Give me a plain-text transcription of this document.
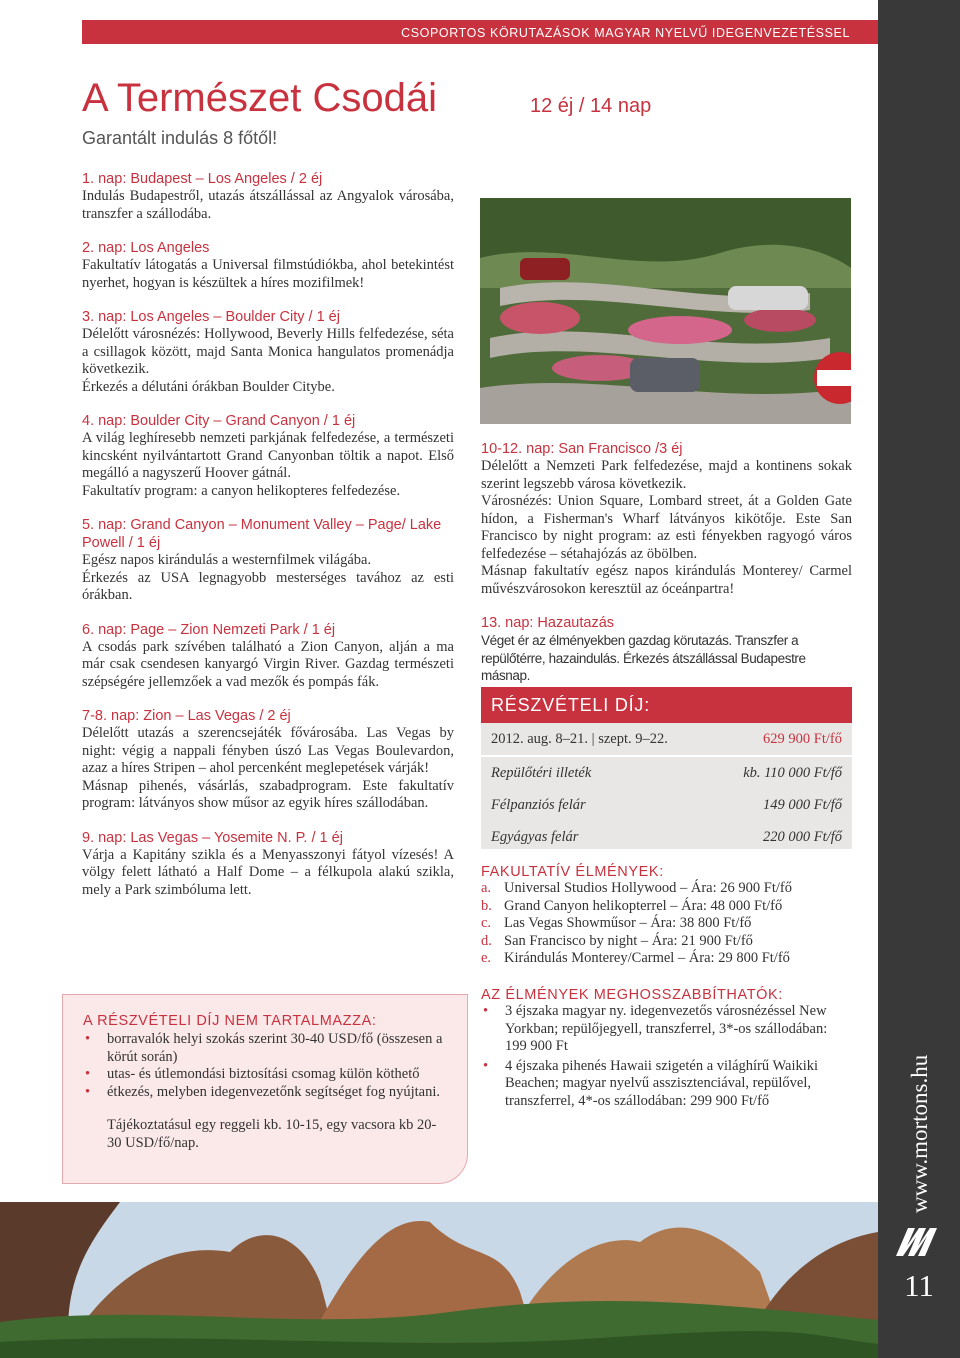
CSOPORTOS KÖRUTAZÁSOK MAGYAR NYELVŰ IDEGENVEZETÉSSEL
www.mortons.hu
11
A Természet Csodái	12 éj / 14 nap
Garantált indulás 8 főtől!
1. nap: Budapest – Los Angeles / 2 éj
Indulás Budapestről, utazás átszállással az Angyalok városába, transzfer a szállodába.
2. nap: Los Angeles
Fakultatív látogatás a Universal filmstúdiókba, ahol betekintést nyerhet, hogyan is készültek a híres mozifilmek!
3. nap: Los Angeles – Boulder City / 1 éj
Délelőtt városnézés: Hollywood, Beverly Hills felfedezése, séta a csillagok között, majd Santa Monica hangulatos promenádja következik.
Érkezés a délutáni órákban Boulder Citybe.
4. nap: Boulder City – Grand Canyon / 1 éj
A világ leghíresebb nemzeti parkjának felfedezése, a természeti kincsként nyilvántartott Grand Canyonban töltik a napot. Első megálló a nagyszerű Hoover gátnál.
Fakultatív program: a canyon helikopteres felfedezése.
5. nap: Grand Canyon – Monument Valley – Page/ Lake Powell / 1 éj
Egész napos kirándulás a westernfilmek világába.
Érkezés az USA legnagyobb mesterséges tavához az esti órákban.
6. nap: Page – Zion Nemzeti Park / 1 éj
A csodás park szívében található a Zion Canyon, alján a ma már csak csendesen kanyargó Virgin River. Gazdag természeti szépségére jellemzőek a vad mezők és pompás fák.
7-8. nap: Zion – Las Vegas / 2 éj
Délelőtt utazás a szerencsejáték fővárosába. Las Vegas by night: végig a nappali fényben úszó Las Vegas Boulevardon, azaz a híres Stripen – ahol percenként meglepetések várják!
Másnap pihenés, vásárlás, szabadprogram. Este fakultatív program: látványos show műsor az egyik híres szállodában.
9. nap: Las Vegas – Yosemite N. P. / 1 éj
Várja a Kapitány szikla és a Menyasszonyi fátyol vízesés! A völgy felett látható a Half Dome – a félkupola alakú szikla, mely a Park szimbóluma lett.
10-12. nap: San Francisco /3 éj
Délelőtt a Nemzeti Park felfedezése, majd a kontinens sokak szerint legszebb városa következik.
Városnézés: Union Square, Lombard street, át a Golden Gate hídon, a Fisherman's Wharf látványos kikötője. Este San Francisco by night program: az esti fényekben ragyogó város felfedezése – sétahajózás az öbölben.
Másnap fakultatív egész napos kirándulás Monterey/ Carmel művészvárosokon keresztül az óceánpartra!
13. nap: Hazautazás
Véget ér az élményekben gazdag körutazás. Transzfer a repülőtérre, hazaindulás. Érkezés átszállással Budapestre másnap.
RÉSZVÉTELI DÍJ:
2012. aug. 8–21. | szept. 9–22.	629 900 Ft/fő
Repülőtéri illeték	kb. 110 000 Ft/fő
Félpanziós felár	149 000 Ft/fő
Egyágyas felár	220 000 Ft/fő
FAKULTATÍV ÉLMÉNYEK:
a. Universal Studios Hollywood – Ára: 26 900 Ft/fő
b. Grand Canyon helikopterrel – Ára: 48 000 Ft/fő
c. Las Vegas Showműsor – Ára: 38 800 Ft/fő
d. San Francisco by night – Ára: 21 900 Ft/fő
e. Kirándulás Monterey/Carmel – Ára: 29 800 Ft/fő
AZ ÉLMÉNYEK MEGHOSSZABBÍTHATÓK:
• 3 éjszaka magyar ny. idegenvezetős városnézéssel New Yorkban; repülőjegyell, transzferrel, 3*-os szállodában: 199 900 Ft
• 4 éjszaka pihenés Hawaii szigetén a világhírű Waikiki Beachen; magyar nyelvű asszisztenciával, repülővel, transzferrel, 4*-os szállodában: 299 900 Ft/fő
A RÉSZVÉTELI DÍJ NEM TARTALMAZZA:
• borravalók helyi szokás szerint 30-40 USD/fő (összesen a körút során)
• utas- és útlemondási biztosítási csomag külön köthető
• étkezés, melyben idegenvezetőnk segítséget fog nyújtani.
Tájékoztatásul egy reggeli kb. 10-15, egy vacsora kb 20-30 USD/fő/nap.
